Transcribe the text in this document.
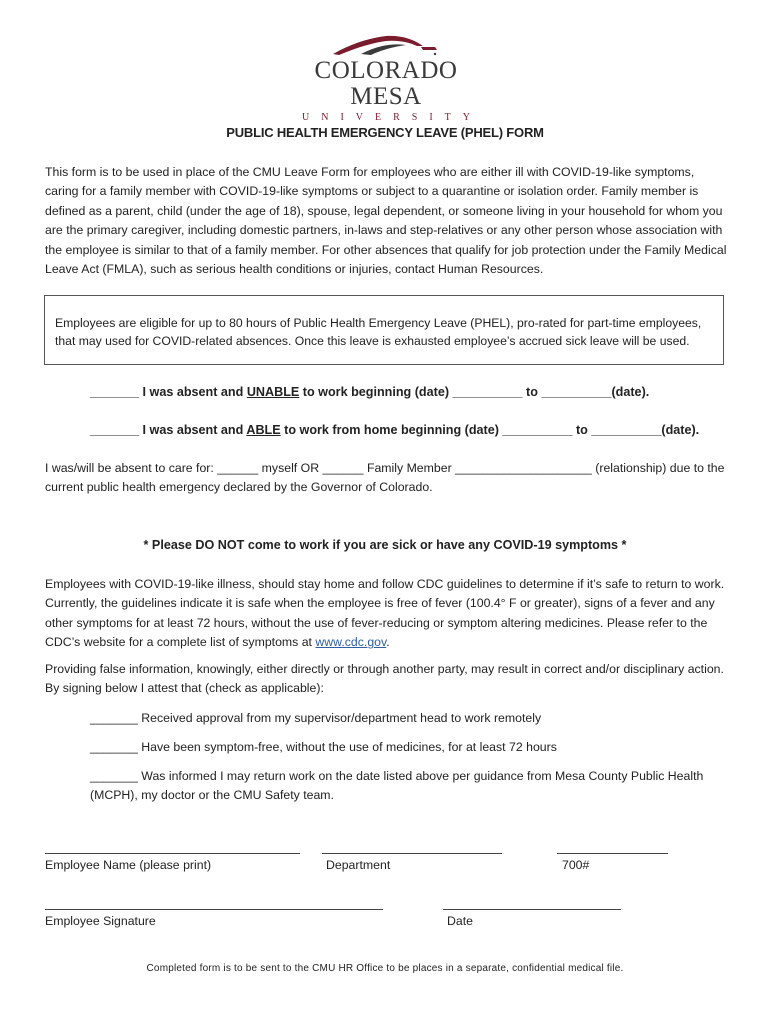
COLORADO MESA
UNIVERSITY
PUBLIC HEALTH EMERGENCY LEAVE (PHEL) FORM
This form is to be used in place of the CMU Leave Form for employees who are either ill with COVID-19-like symptoms, caring for a family member with COVID-19-like symptoms or subject to a quarantine or isolation order. Family member is defined as a parent, child (under the age of 18), spouse, legal dependent, or someone living in your household for whom you are the primary caregiver, including domestic partners, in-laws and step-relatives or any other person whose association with the employee is similar to that of a family member. For other absences that qualify for job protection under the Family Medical Leave Act (FMLA), such as serious health conditions or injuries, contact Human Resources.
Employees are eligible for up to 80 hours of Public Health Emergency Leave (PHEL), pro-rated for part-time employees, that may used for COVID-related absences. Once this leave is exhausted employee’s accrued sick leave will be used.
_______ I was absent and UNABLE to work beginning (date) __________ to __________(date).
_______ I was absent and ABLE to work from home beginning (date) __________ to __________(date).
I was/will be absent to care for: ______ myself OR ______ Family Member ____________________ (relationship) due to the current public health emergency declared by the Governor of Colorado.
* Please DO NOT come to work if you are sick or have any COVID-19 symptoms *
Employees with COVID-19-like illness, should stay home and follow CDC guidelines to determine if it’s safe to return to work. Currently, the guidelines indicate it is safe when the employee is free of fever (100.4° F or greater), signs of a fever and any other symptoms for at least 72 hours, without the use of fever-reducing or symptom altering medicines. Please refer to the CDC’s website for a complete list of symptoms at www.cdc.gov.
Providing false information, knowingly, either directly or through another party, may result in correct and/or disciplinary action. By signing below I attest that (check as applicable):
_______ Received approval from my supervisor/department head to work remotely
_______ Have been symptom-free, without the use of medicines, for at least 72 hours
_______ Was informed I may return work on the date listed above per guidance from Mesa County Public Health (MCPH), my doctor or the CMU Safety team.
Employee Name (please print)	Department	700#
Employee Signature	Date
Completed form is to be sent to the CMU HR Office to be places in a separate, confidential medical file.
